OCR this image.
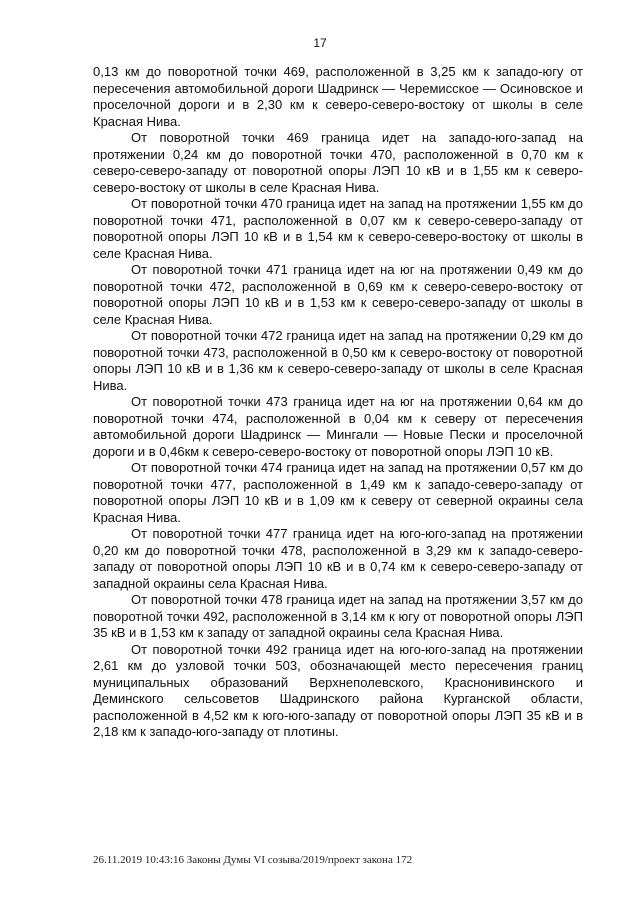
17

0,13 км до поворотной точки 469, расположенной в 3,25 км к западо-югу от пересечения автомобильной дороги Шадринск — Черемисское — Осиновское и проселочной дороги и в 2,30 км к северо-северо-востоку от школы в селе Красная Нива.

От поворотной точки 469 граница идет на западо-юго-запад на протяжении 0,24 км до поворотной точки 470, расположенной в 0,70 км к северо-северо-западу от поворотной опоры ЛЭП 10 кВ и в 1,55 км к северо-северо-востоку от школы в селе Красная Нива.

От поворотной точки 470 граница идет на запад на протяжении 1,55 км до поворотной точки 471, расположенной в 0,07 км к северо-северо-западу от поворотной опоры ЛЭП 10 кВ и в 1,54 км к северо-северо-востоку от школы в селе Красная Нива.

От поворотной точки 471 граница идет на юг на протяжении 0,49 км до поворотной точки 472, расположенной в 0,69 км к северо-северо-востоку от поворотной опоры ЛЭП 10 кВ и в 1,53 км к северо-северо-западу от школы в селе Красная Нива.

От поворотной точки 472 граница идет на запад на протяжении 0,29 км до поворотной точки 473, расположенной в 0,50 км к северо-востоку от поворотной опоры ЛЭП 10 кВ и в 1,36 км к северо-северо-западу от школы в селе Красная Нива.

От поворотной точки 473 граница идет на юг на протяжении 0,64 км до поворотной точки 474, расположенной в 0,04 км к северу от пересечения автомобильной дороги Шадринск — Мингали — Новые Пески и проселочной дороги и в 0,46км к северо-северо-востоку от поворотной опоры ЛЭП 10 кВ.

От поворотной точки 474 граница идет на запад на протяжении 0,57 км до поворотной точки 477, расположенной в 1,49 км к западо-северо-западу от поворотной опоры ЛЭП 10 кВ и в 1,09 км к северу от северной окраины села Красная Нива.

От поворотной точки 477 граница идет на юго-юго-запад на протяжении 0,20 км до поворотной точки 478, расположенной в 3,29 км к западо-северо-западу от поворотной опоры ЛЭП 10 кВ и в 0,74 км к северо-северо-западу от западной окраины села Красная Нива.

От поворотной точки 478 граница идет на запад на протяжении 3,57 км до поворотной точки 492, расположенной в 3,14 км к югу от поворотной опоры ЛЭП 35 кВ и в 1,53 км к западу от западной окраины села Красная Нива.

От поворотной точки 492 граница идет на юго-юго-запад на протяжении 2,61 км до узловой точки 503, обозначающей место пересечения границ муниципальных образований Верхнеполевского, Краснонивинского и Деминского сельсоветов Шадринского района Курганской области, расположенной в 4,52 км к юго-юго-западу от поворотной опоры ЛЭП 35 кВ и в 2,18 км к западо-юго-западу от плотины.

26.11.2019 10:43:16 Законы Думы VI созыва/2019/проект закона 172
